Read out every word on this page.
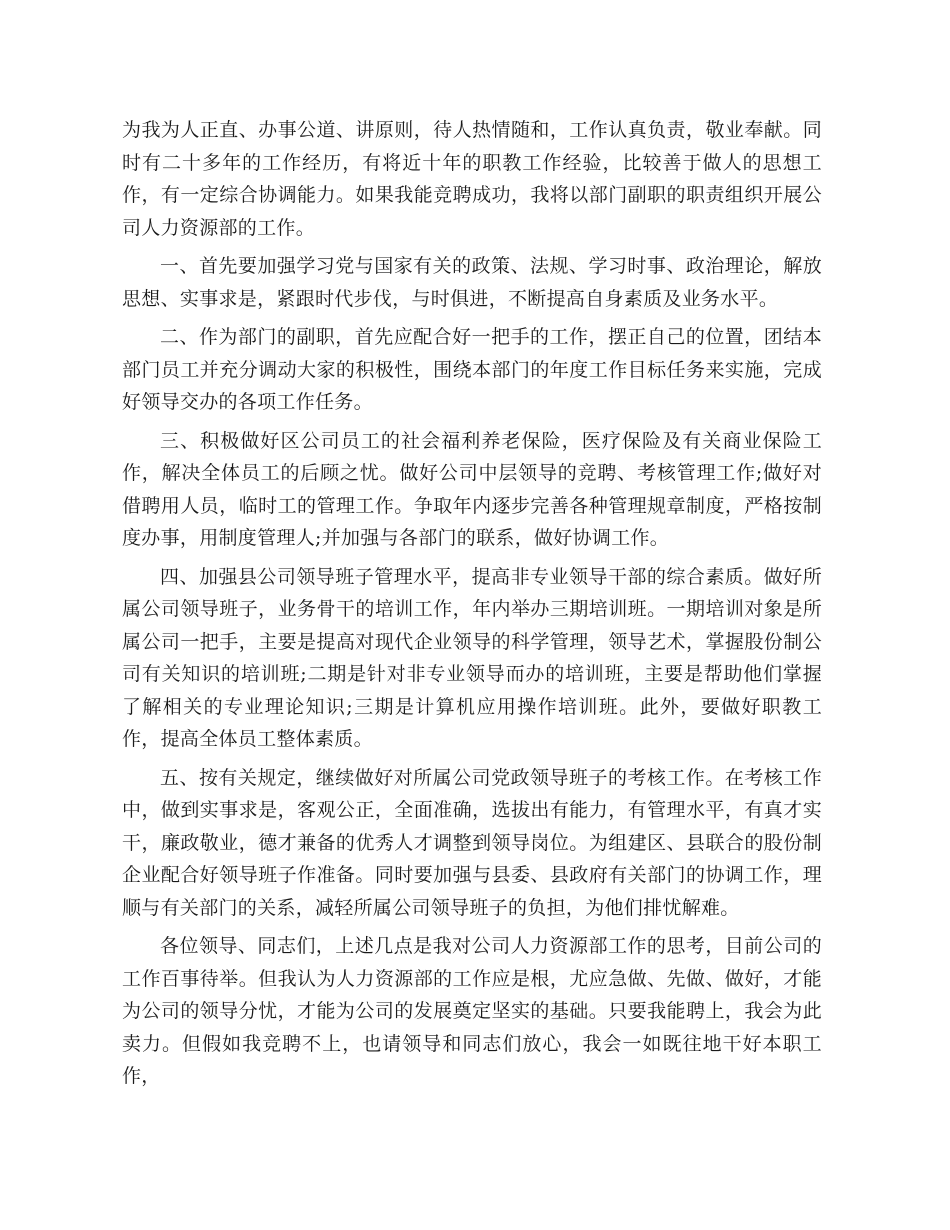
为我为人正直、办事公道、讲原则，待人热情随和，工作认真负责，敬业奉献。同时有二十多年的工作经历，有将近十年的职教工作经验，比较善于做人的思想工作，有一定综合协调能力。如果我能竞聘成功，我将以部门副职的职责组织开展公司人力资源部的工作。

一、首先要加强学习党与国家有关的政策、法规、学习时事、政治理论，解放思想、实事求是，紧跟时代步伐，与时俱进，不断提高自身素质及业务水平。

二、作为部门的副职，首先应配合好一把手的工作，摆正自己的位置，团结本部门员工并充分调动大家的积极性，围绕本部门的年度工作目标任务来实施，完成好领导交办的各项工作任务。

三、积极做好区公司员工的社会福利养老保险，医疗保险及有关商业保险工作，解决全体员工的后顾之忧。做好公司中层领导的竞聘、考核管理工作;做好对借聘用人员，临时工的管理工作。争取年内逐步完善各种管理规章制度，严格按制度办事，用制度管理人;并加强与各部门的联系，做好协调工作。

四、加强县公司领导班子管理水平，提高非专业领导干部的综合素质。做好所属公司领导班子，业务骨干的培训工作，年内举办三期培训班。一期培训对象是所属公司一把手，主要是提高对现代企业领导的科学管理，领导艺术，掌握股份制公司有关知识的培训班;二期是针对非专业领导而办的培训班，主要是帮助他们掌握了解相关的专业理论知识;三期是计算机应用操作培训班。此外，要做好职教工作，提高全体员工整体素质。

五、按有关规定，继续做好对所属公司党政领导班子的考核工作。在考核工作中，做到实事求是，客观公正，全面准确，选拔出有能力，有管理水平，有真才实干，廉政敬业，德才兼备的优秀人才调整到领导岗位。为组建区、县联合的股份制企业配合好领导班子作准备。同时要加强与县委、县政府有关部门的协调工作，理顺与有关部门的关系，减轻所属公司领导班子的负担，为他们排忧解难。

各位领导、同志们，上述几点是我对公司人力资源部工作的思考，目前公司的工作百事待举。但我认为人力资源部的工作应是根，尤应急做、先做、做好，才能为公司的领导分忧，才能为公司的发展奠定坚实的基础。只要我能聘上，我会为此卖力。但假如我竞聘不上，也请领导和同志们放心，我会一如既往地干好本职工作，
